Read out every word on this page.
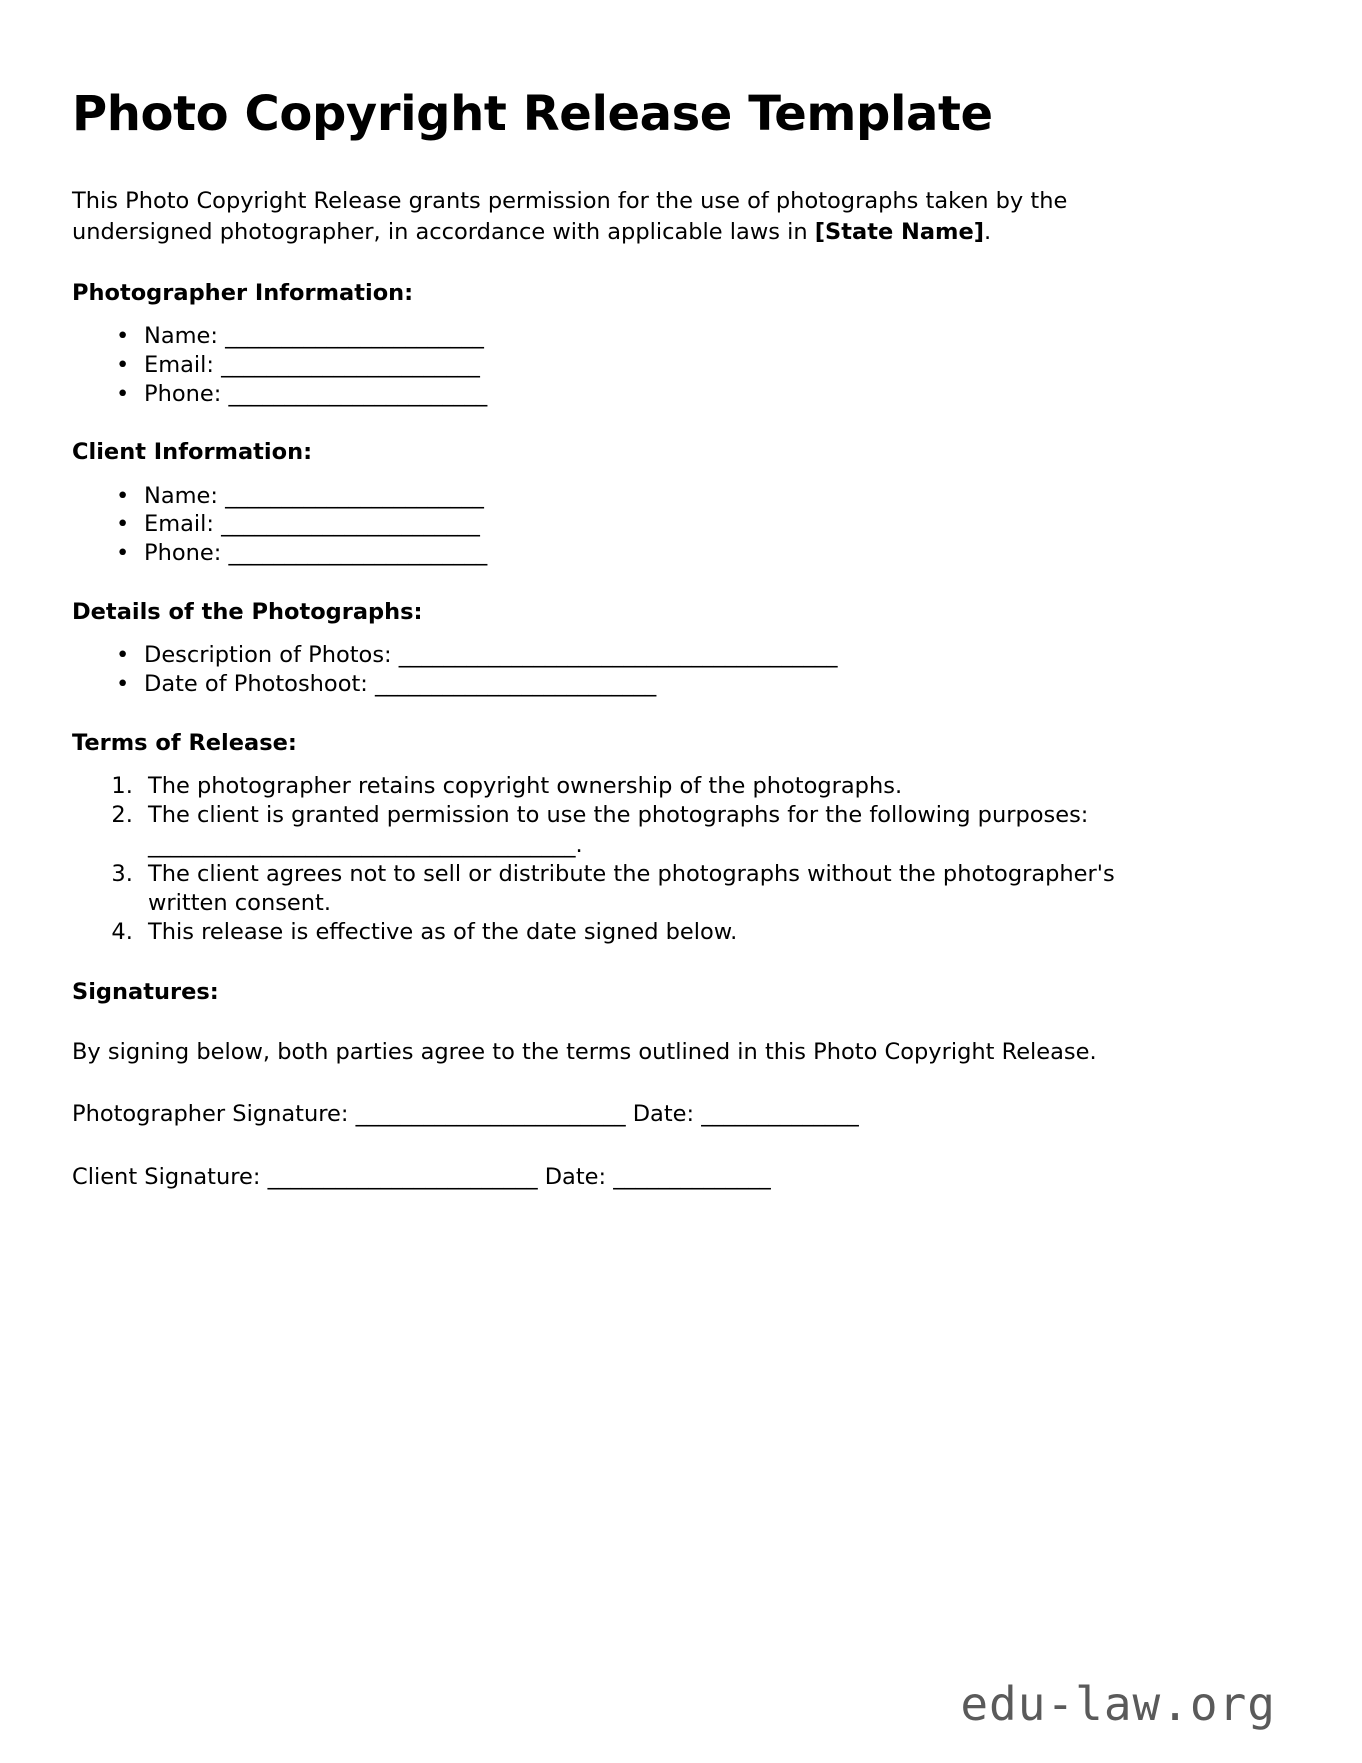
Photo Copyright Release Template

This Photo Copyright Release grants permission for the use of photographs taken by the undersigned photographer, in accordance with applicable laws in [State Name].

Photographer Information:
• Name: _______________________
• Email: _______________________
• Phone: _______________________
Client Information:
• Name: _______________________
• Email: _______________________
• Phone: _______________________
Details of the Photographs:
• Description of Photos: _______________________________________
• Date of Photoshoot: _________________________
Terms of Release:
1. The photographer retains copyright ownership of the photographs.
2. The client is granted permission to use the photographs for the following purposes: ______________________________________.
3. The client agrees not to sell or distribute the photographs without the photographer's written consent.
4. This release is effective as of the date signed below.
Signatures:

By signing below, both parties agree to the terms outlined in this Photo Copyright Release.

Photographer Signature: ________________________ Date: ______________

Client Signature: ________________________ Date: ______________

edu-law.org
